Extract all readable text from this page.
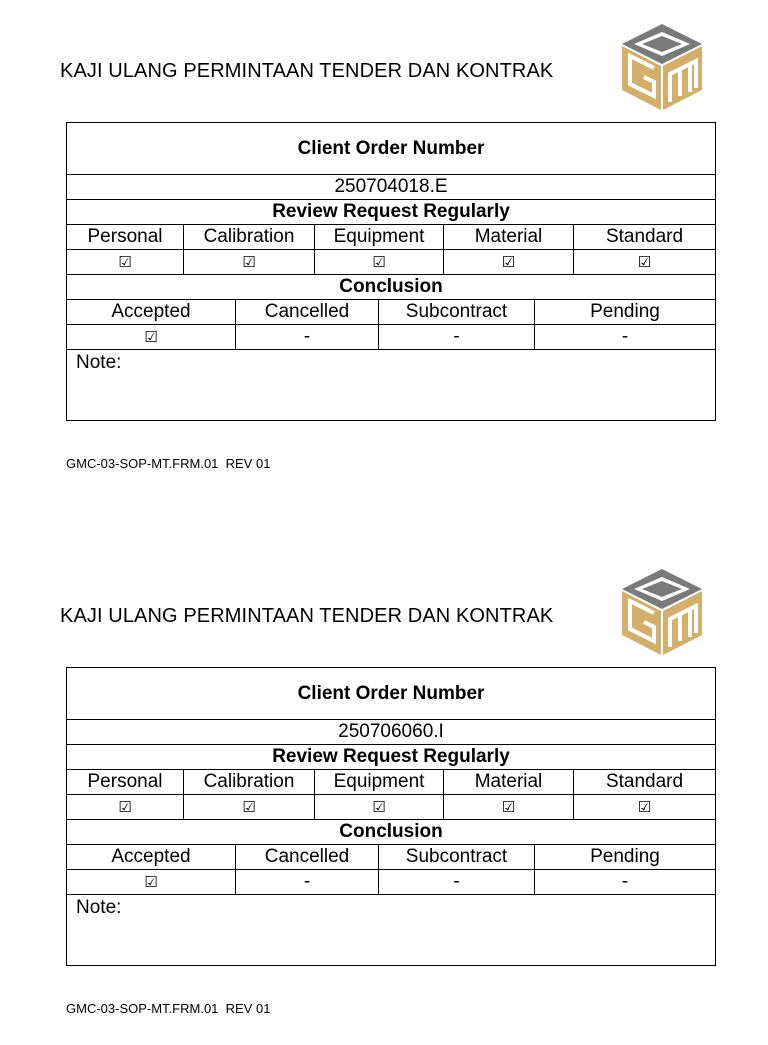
KAJI ULANG PERMINTAAN TENDER DAN KONTRAK
Client Order Number
250704018.E
Review Request Regularly
Personal	Calibration	Equipment	Material	Standard
☑	☑	☑	☑	☑
Conclusion
Accepted	Cancelled	Subcontract	Pending
☑	-	-	-
Note:
GMC-03-SOP-MT.FRM.01  REV 01
KAJI ULANG PERMINTAAN TENDER DAN KONTRAK
Client Order Number
250706060.I
Review Request Regularly
Personal	Calibration	Equipment	Material	Standard
☑	☑	☑	☑	☑
Conclusion
Accepted	Cancelled	Subcontract	Pending
☑	-	-	-
Note:
GMC-03-SOP-MT.FRM.01  REV 01
